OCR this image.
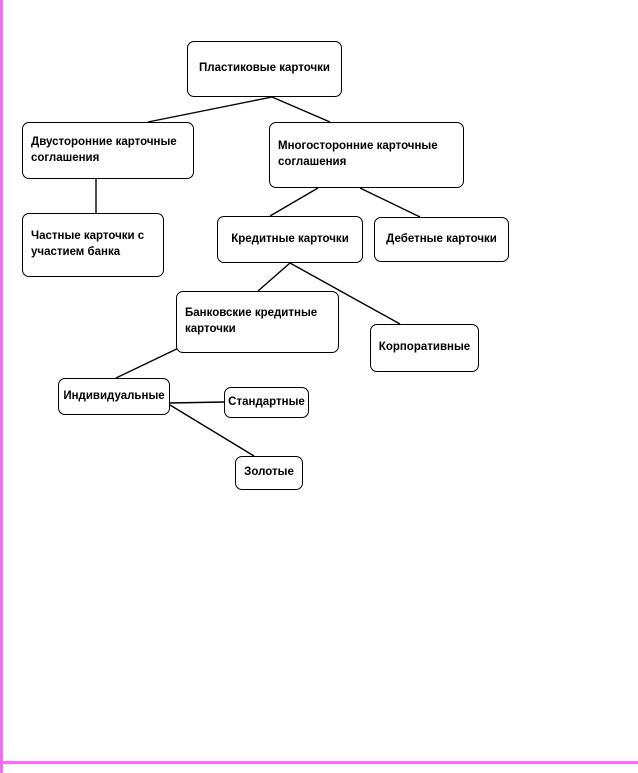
Пластиковые карточки
Двусторонние карточные соглашения
Многосторонние карточные соглашения
Частные карточки с участием банка
Кредитные карточки	Дебетные карточки
Банковские кредитные карточки
Корпоративные
Индивидуальные	Стандартные
Золотые
